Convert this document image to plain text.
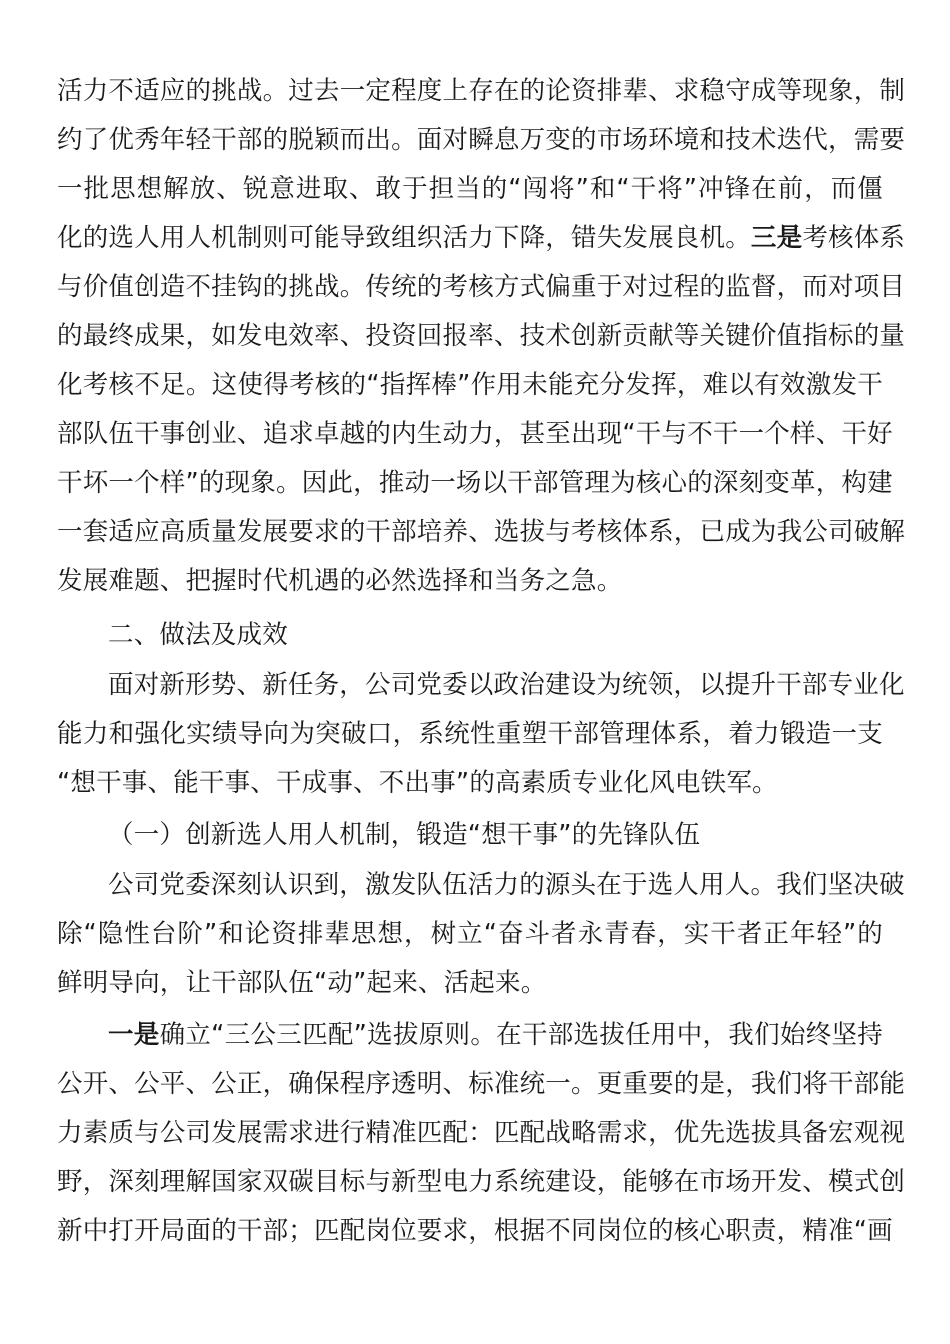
活力不适应的挑战。过去一定程度上存在的论资排辈、求稳守成等现象，制
约了优秀年轻干部的脱颖而出。面对瞬息万变的市场环境和技术迭代，需要
一批思想解放、锐意进取、敢于担当的“闯将”和“干将”冲锋在前，而僵
化的选人用人机制则可能导致组织活力下降，错失发展良机。三是考核体系
与价值创造不挂钩的挑战。传统的考核方式偏重于对过程的监督，而对项目
的最终成果，如发电效率、投资回报率、技术创新贡献等关键价值指标的量
化考核不足。这使得考核的“指挥棒”作用未能充分发挥，难以有效激发干
部队伍干事创业、追求卓越的内生动力，甚至出现“干与不干一个样、干好
干坏一个样”的现象。因此，推动一场以干部管理为核心的深刻变革，构建
一套适应高质量发展要求的干部培养、选拔与考核体系，已成为我公司破解
发展难题、把握时代机遇的必然选择和当务之急。
二、做法及成效
面对新形势、新任务，公司党委以政治建设为统领，以提升干部专业化
能力和强化实绩导向为突破口，系统性重塑干部管理体系，着力锻造一支
“想干事、能干事、干成事、不出事”的高素质专业化风电铁军。
（一）创新选人用人机制，锻造“想干事”的先锋队伍
公司党委深刻认识到，激发队伍活力的源头在于选人用人。我们坚决破
除“隐性台阶”和论资排辈思想，树立“奋斗者永青春，实干者正年轻”的
鲜明导向，让干部队伍“动”起来、活起来。
一是确立“三公三匹配”选拔原则。在干部选拔任用中，我们始终坚持
公开、公平、公正，确保程序透明、标准统一。更重要的是，我们将干部能
力素质与公司发展需求进行精准匹配：匹配战略需求，优先选拔具备宏观视
野，深刻理解国家双碳目标与新型电力系统建设，能够在市场开发、模式创
新中打开局面的干部；匹配岗位要求，根据不同岗位的核心职责，精准“画
